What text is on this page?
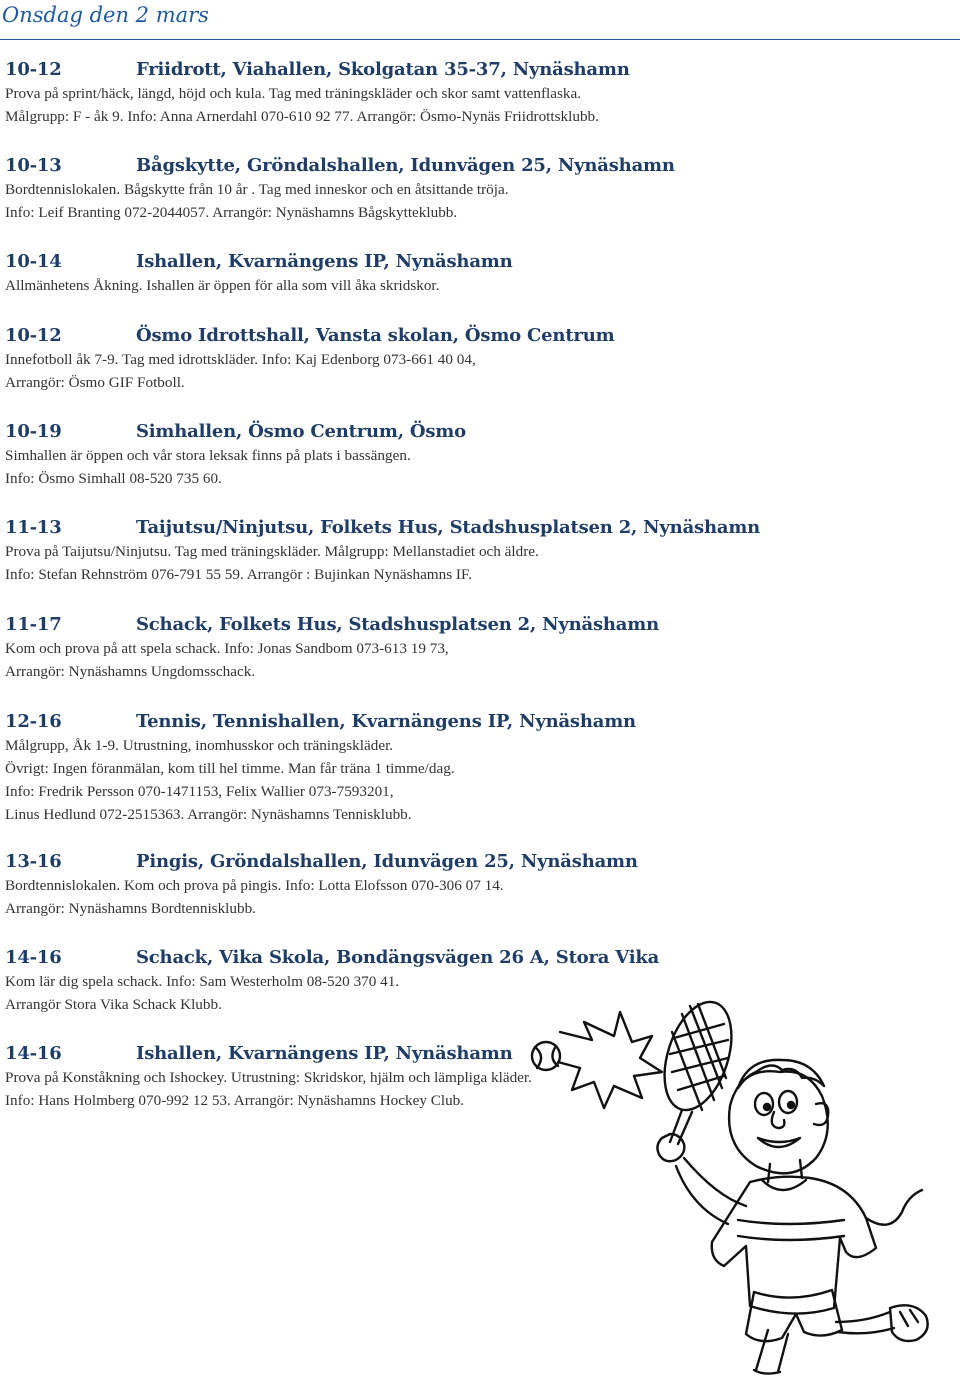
Onsdag den 2 mars
10-12	Friidrott, Viahallen, Skolgatan 35-37, Nynäshamn
Prova på sprint/häck, längd, höjd och kula. Tag med träningskläder och skor samt vattenflaska.
Målgrupp: F - åk 9. Info: Anna Arnerdahl 070-610 92 77. Arrangör: Ösmo-Nynäs Friidrottsklubb.
10-13	Bågskytte, Gröndalshallen, Idunvägen 25, Nynäshamn
Bordtennislokalen. Bågskytte från 10 år . Tag med inneskor och en åtsittande tröja.
Info: Leif Branting 072-2044057. Arrangör: Nynäshamns Bågskytteklubb.
10-14	Ishallen, Kvarnängens IP, Nynäshamn
Allmänhetens Åkning. Ishallen är öppen för alla som vill åka skridskor.
10-12	Ösmo Idrottshall, Vansta skolan, Ösmo Centrum
Innefotboll åk 7-9. Tag med idrottskläder. Info: Kaj Edenborg 073-661 40 04,
Arrangör: Ösmo GIF Fotboll.
10-19	Simhallen, Ösmo Centrum, Ösmo
Simhallen är öppen och vår stora leksak finns på plats i bassängen.
Info: Ösmo Simhall 08-520 735 60.
11-13	Taijutsu/Ninjutsu, Folkets Hus, Stadshusplatsen 2, Nynäshamn
Prova på Taijutsu/Ninjutsu. Tag med träningskläder. Målgrupp: Mellanstadiet och äldre.
Info: Stefan Rehnström 076-791 55 59. Arrangör : Bujinkan Nynäshamns IF.
11-17	Schack, Folkets Hus, Stadshusplatsen 2, Nynäshamn
Kom och prova på att spela schack. Info: Jonas Sandbom 073-613 19 73,
Arrangör: Nynäshamns Ungdomsschack.
12-16	Tennis, Tennishallen, Kvarnängens IP, Nynäshamn
Målgrupp, Åk 1-9. Utrustning, inomhusskor och träningskläder.
Övrigt: Ingen föranmälan, kom till hel timme. Man får träna 1 timme/dag.
Info: Fredrik Persson 070-1471153, Felix Wallier 073-7593201,
Linus Hedlund 072-2515363. Arrangör: Nynäshamns Tennisklubb.
13-16	Pingis, Gröndalshallen, Idunvägen 25, Nynäshamn
Bordtennislokalen. Kom och prova på pingis. Info: Lotta Elofsson 070-306 07 14.
Arrangör: Nynäshamns Bordtennisklubb.
14-16	Schack, Vika Skola, Bondängsvägen 26 A, Stora Vika
Kom lär dig spela schack. Info: Sam Westerholm 08-520 370 41.
Arrangör Stora Vika Schack Klubb.
14-16	Ishallen, Kvarnängens IP, Nynäshamn
Prova på Konståkning och Ishockey. Utrustning: Skridskor, hjälm och lämpliga kläder.
Info: Hans Holmberg 070-992 12 53. Arrangör: Nynäshamns Hockey Club.
